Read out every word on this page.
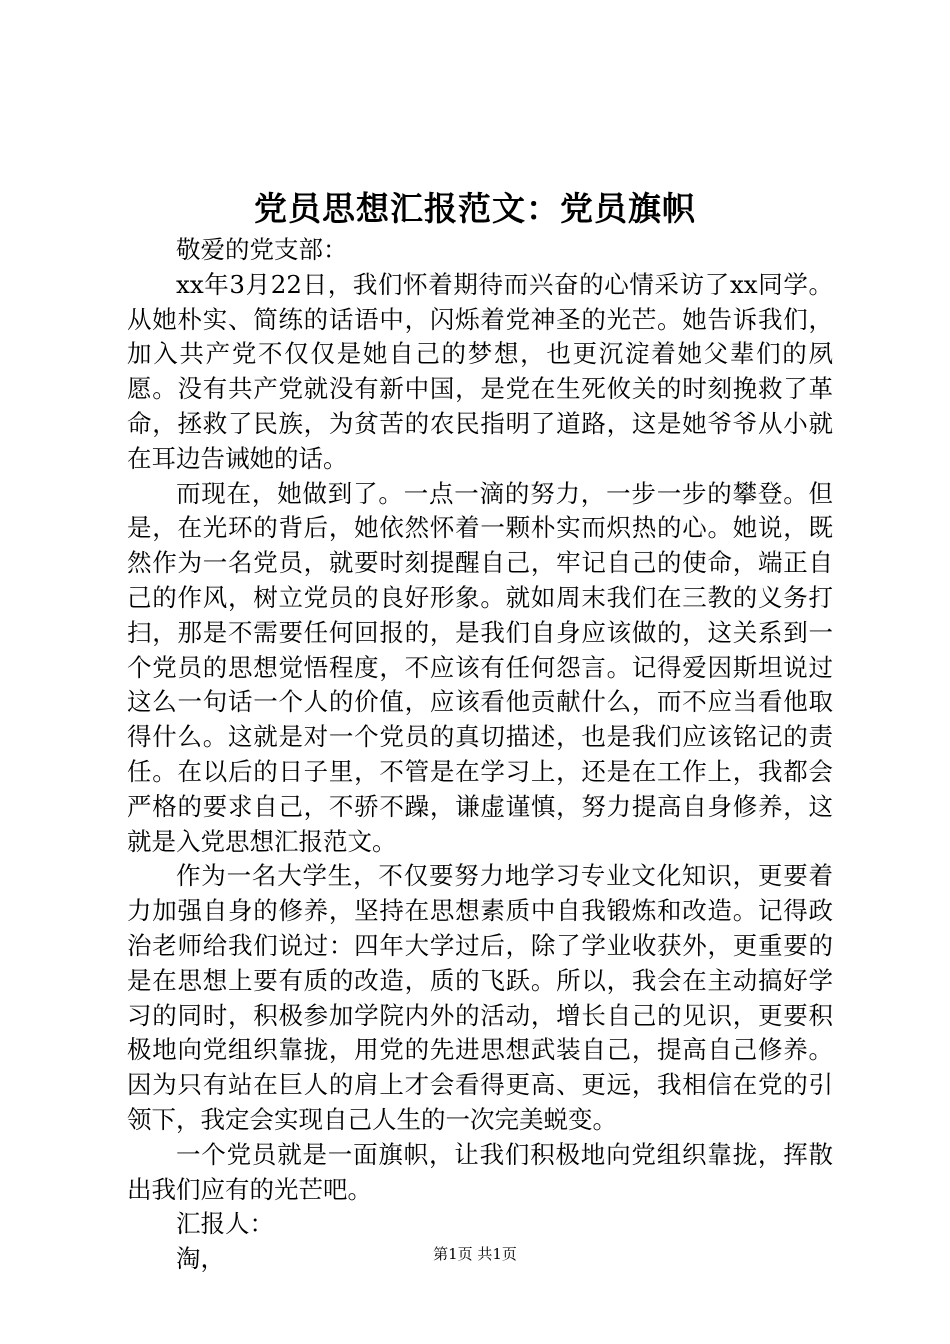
党员思想汇报范文：党员旗帜

敬爱的党支部：

xx年3月22日，我们怀着期待而兴奋的心情采访了xx同学。从她朴实、简练的话语中，闪烁着党神圣的光芒。她告诉我们，加入共产党不仅仅是她自己的梦想，也更沉淀着她父辈们的夙愿。没有共产党就没有新中国，是党在生死攸关的时刻挽救了革命，拯救了民族，为贫苦的农民指明了道路，这是她爷爷从小就在耳边告诫她的话。

而现在，她做到了。一点一滴的努力，一步一步的攀登。但是，在光环的背后，她依然怀着一颗朴实而炽热的心。她说，既然作为一名党员，就要时刻提醒自己，牢记自己的使命，端正自己的作风，树立党员的良好形象。就如周末我们在三教的义务打扫，那是不需要任何回报的，是我们自身应该做的，这关系到一个党员的思想觉悟程度，不应该有任何怨言。记得爱因斯坦说过这么一句话一个人的价值，应该看他贡献什么，而不应当看他取得什么。这就是对一个党员的真切描述，也是我们应该铭记的责任。在以后的日子里，不管是在学习上，还是在工作上，我都会严格的要求自己，不骄不躁，谦虚谨慎，努力提高自身修养，这就是入党思想汇报范文。

作为一名大学生，不仅要努力地学习专业文化知识，更要着力加强自身的修养，坚持在思想素质中自我锻炼和改造。记得政治老师给我们说过：四年大学过后，除了学业收获外，更重要的是在思想上要有质的改造，质的飞跃。所以，我会在主动搞好学习的同时，积极参加学院内外的活动，增长自己的见识，更要积极地向党组织靠拢，用党的先进思想武装自己，提高自己修养。因为只有站在巨人的肩上才会看得更高、更远，我相信在党的引领下，我定会实现自己人生的一次完美蜕变。

一个党员就是一面旗帜，让我们积极地向党组织靠拢，挥散出我们应有的光芒吧。

汇报人：

淘，	第1页 共1页
